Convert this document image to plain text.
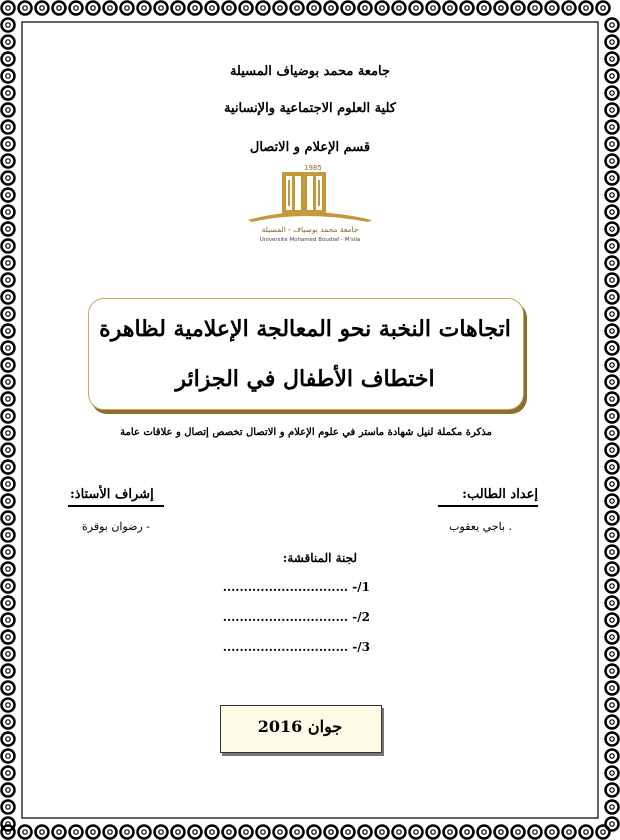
جامعة محمد بوضياف المسيلة
كلية العلوم الاجتماعية والإنسانية
قسم الإعلام و الاتصال
1985
جامعة محمد بوضياف - المسيلة
Université Mohamed Boudiaf - M'sila
اتجاهات النخبة نحو المعالجة الإعلامية لظاهرة
اختطاف الأطفال في الجزائر
مذكرة مكملة لنيل شهادة ماستر في علوم الإعلام و الاتصال تخصص إتصال و علاقات عامة
إعداد الطالب:
. باجي يعقوب
إشراف الأستاذ:
- رضوان بوقرة
لجنة المناقشة:
1/- ..............................
2/- ..............................
3/- ..............................
جوان 2016
